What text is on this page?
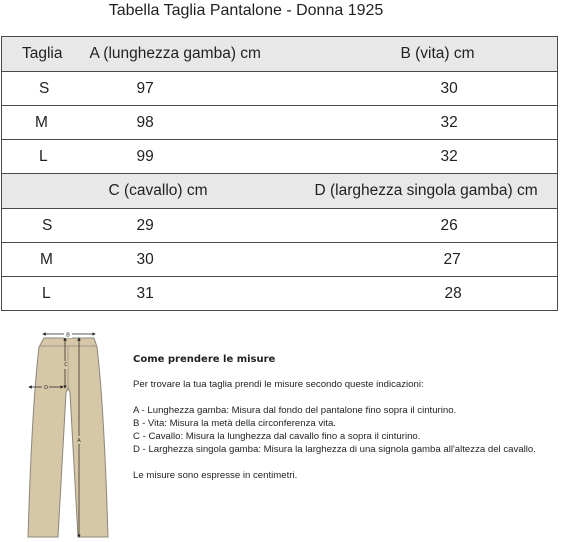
Tabella Taglia Pantalone - Donna 1925
Taglia	A (lunghezza gamba) cm	B (vita) cm

S	97	30

M	98	32

L	99	32

	C (cavallo) cm	D (larghezza singola gamba) cm

S	29	26

M	30	27

L	31	28
B
C
D
A
Come prendere le misure

Per trovare la tua taglia prendi le misure secondo queste indicazioni:

A - Lunghezza gamba: Misura dal fondo del pantalone fino sopra il cinturino.

B - Vita: Misura la metà della circonferenza vita.

C - Cavallo: Misura la lunghezza dal cavallo fino a sopra il cinturino.

D - Larghezza singola gamba: Misura la larghezza di una signola gamba all'altezza del cavallo.

Le misure sono espresse in centimetri.
